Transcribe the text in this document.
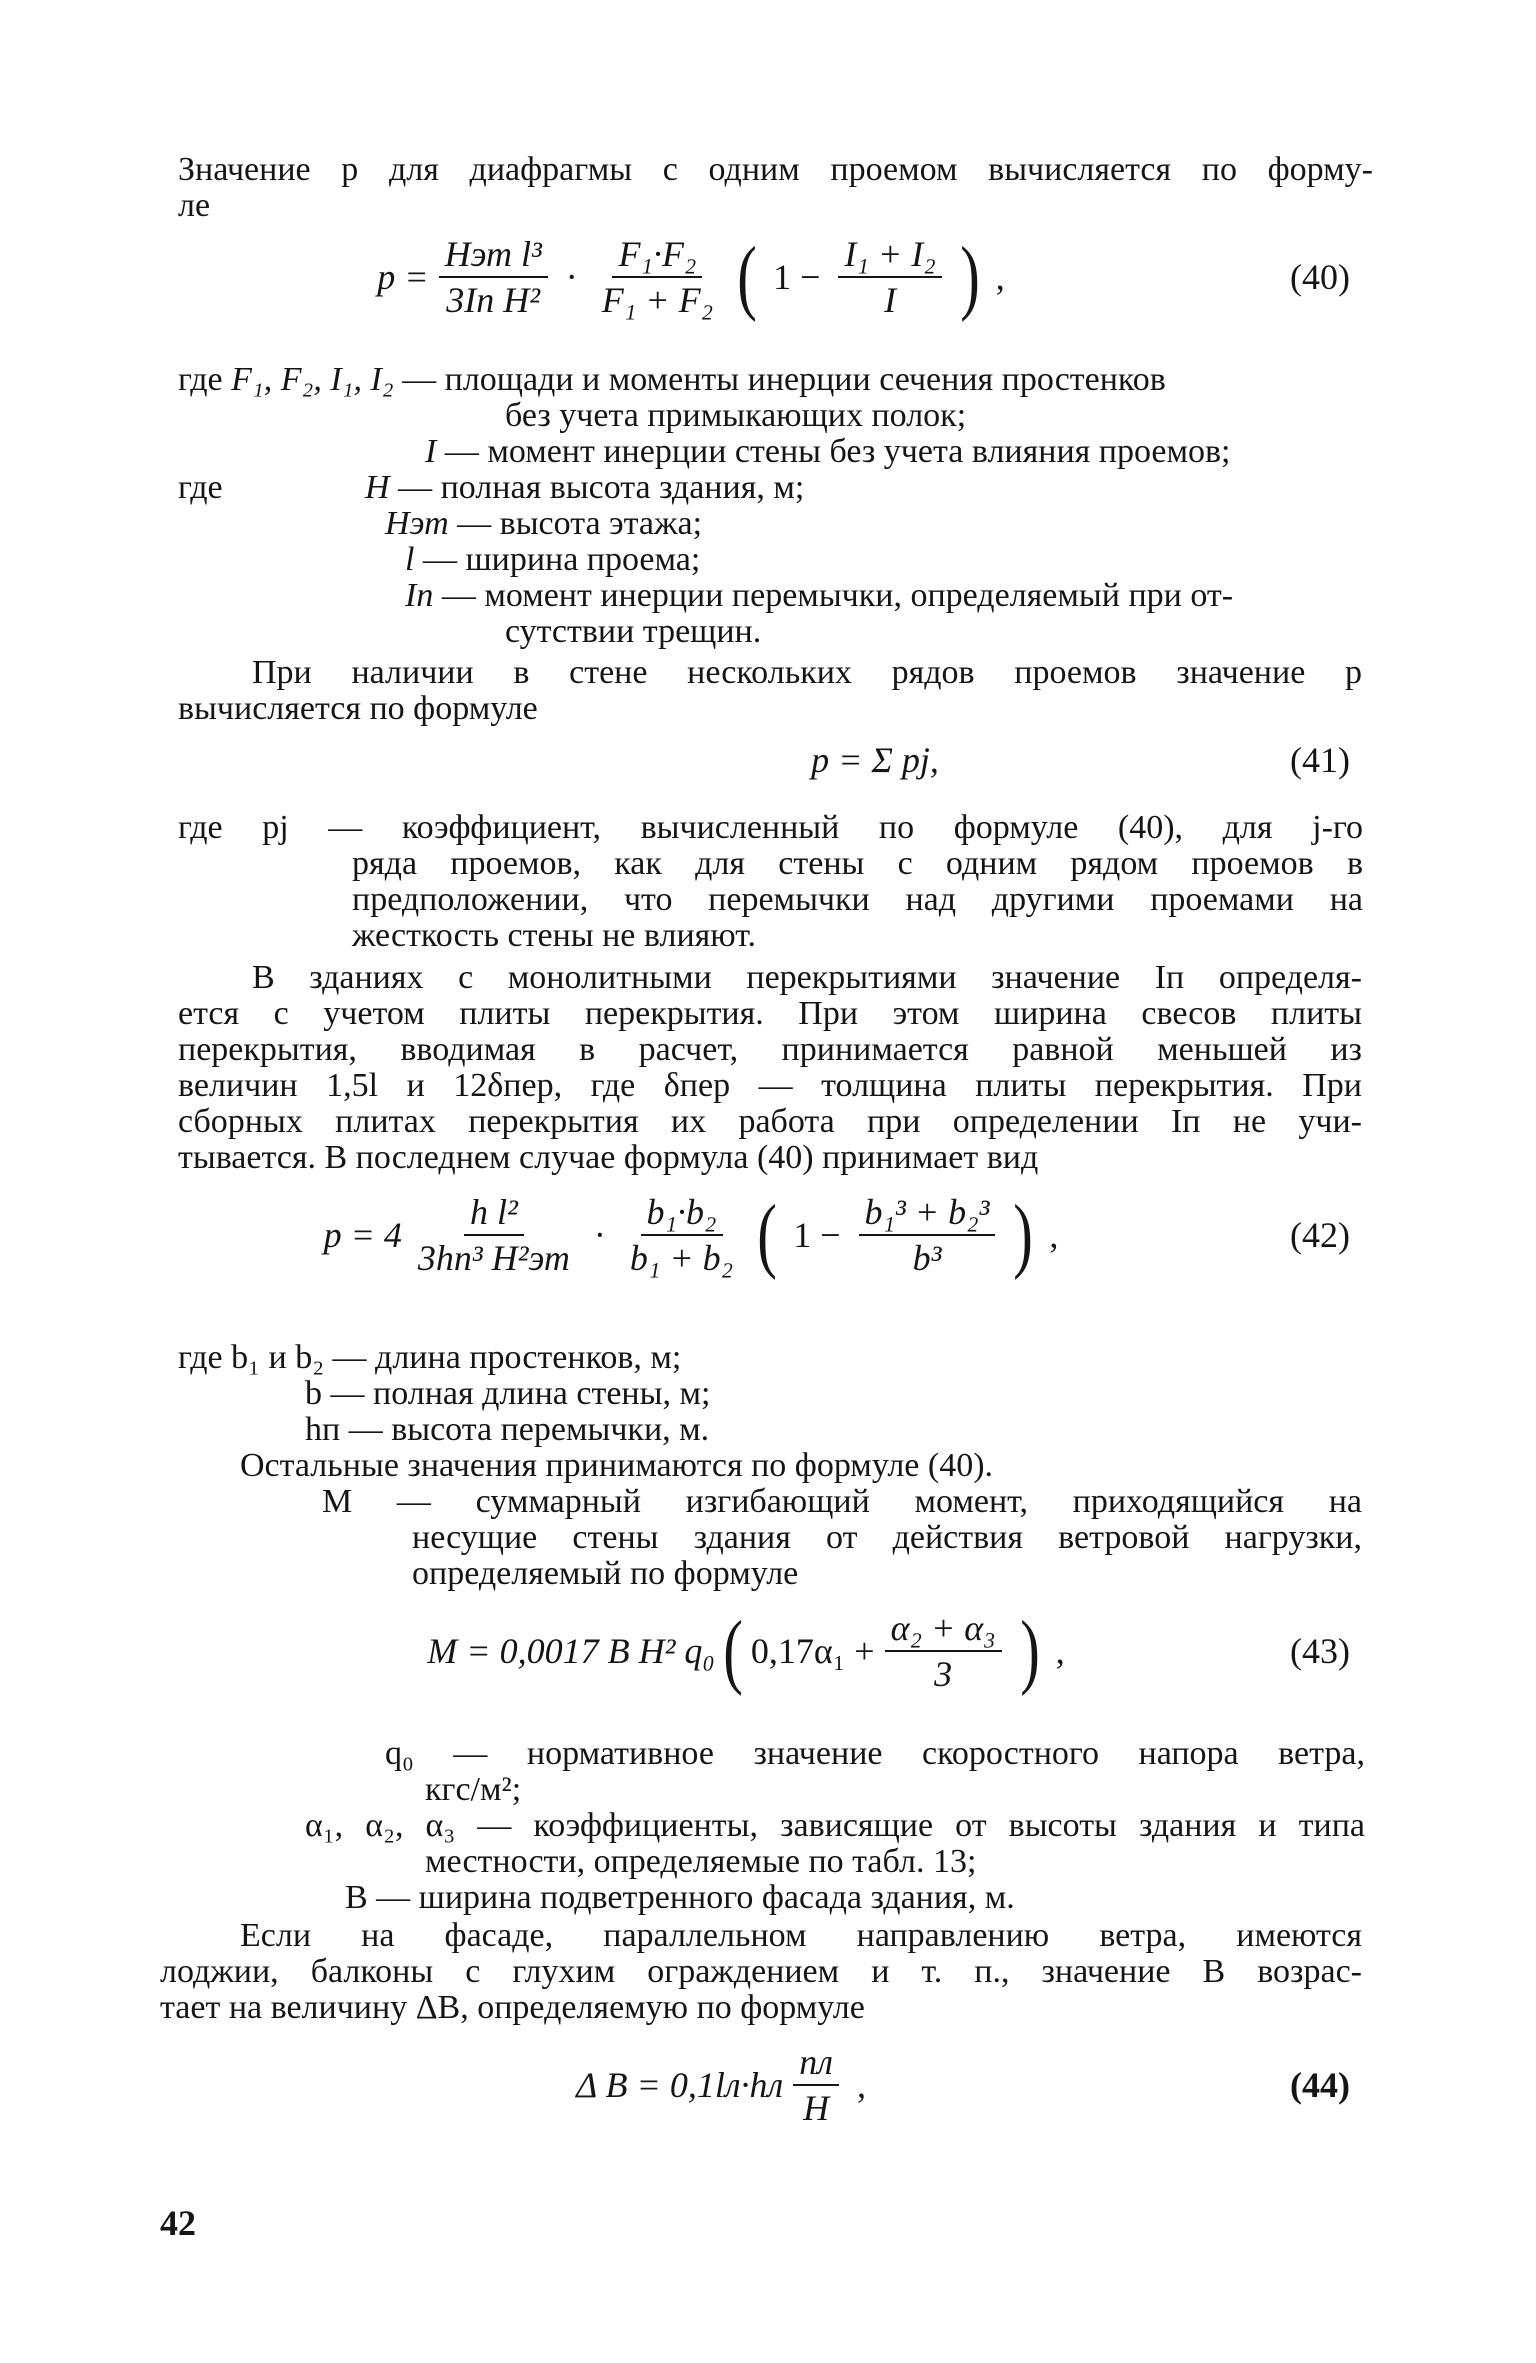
Значение p для диафрагмы с одним проемом вычисляется по форму-
ле
$p = \frac{\text{Hэт l³}}{\text{3Iп H²}} \cdot \frac{\text{F₁·F₂}}{\text{F₁ + F₂}}$ ( $1 - \frac{\text{I₁ + I₂}}{I}$ ) ,	(40)
где F₁, F₂, I₁, I₂ — площади и моменты инерции сечения простенков
без учета примыкающих полок;
I — момент инерции стены без учета влияния проемов;
где	H — полная высота здания, м;
Hэт — высота этажа;
l — ширина проема;
Iп — момент инерции перемычки, определяемый при от-
сутствии трещин.
При наличии в стене нескольких рядов проемов значение p
вычисляется по формуле
p = Σ pj,	(41)
где pj — коэффициент, вычисленный по формуле (40), для j-го
ряда проемов, как для стены с одним рядом проемов в
предположении, что перемычки над другими проемами на
жесткость стены не влияют.
В зданиях с монолитными перекрытиями значение Iп определя-
ется с учетом плиты перекрытия. При этом ширина свесов плиты
перекрытия, вводимая в расчет, принимается равной меньшей из
величин 1,5l и 12δпер, где δпер — толщина плиты перекрытия. При
сборных плитах перекрытия их работа при определении Iп не учи-
тывается. В последнем случае формула (40) принимает вид
$p = 4 \frac{\text{h l²}}{\text{3hп³ H²эт}} \cdot \frac{\text{b₁·b₂}}{\text{b₁ + b₂}}$ ( $1 - \frac{\text{b₁³ + b₂³}}{\text{b³}}$ ) ,	(42)
где b₁ и b₂ — длина простенков, м;
b — полная длина стены, м;
hп — высота перемычки, м.
Остальные значения принимаются по формуле (40).
M — суммарный изгибающий момент, приходящийся на
несущие стены здания от действия ветровой нагрузки,
определяемый по формуле
M = 0,0017 B H² q₀ ( $0,17\alpha_1 + \frac{\text{α₂ + α₃}}{3}$ ) ,	(43)
q₀ — нормативное значение скоростного напора ветра,
кгс/м²;
α₁, α₂, α₃ — коэффициенты, зависящие от высоты здания и типа
местности, определяемые по табл. 13;
B — ширина подветренного фасада здания, м.
Если на фасаде, параллельном направлению ветра, имеются
лоджии, балконы с глухим ограждением и т. п., значение B возрас-
тает на величину ΔB, определяемую по формуле
Δ $B = 0,1lл\cdot hл \frac{nл}{H}$ ,	(44)
42
